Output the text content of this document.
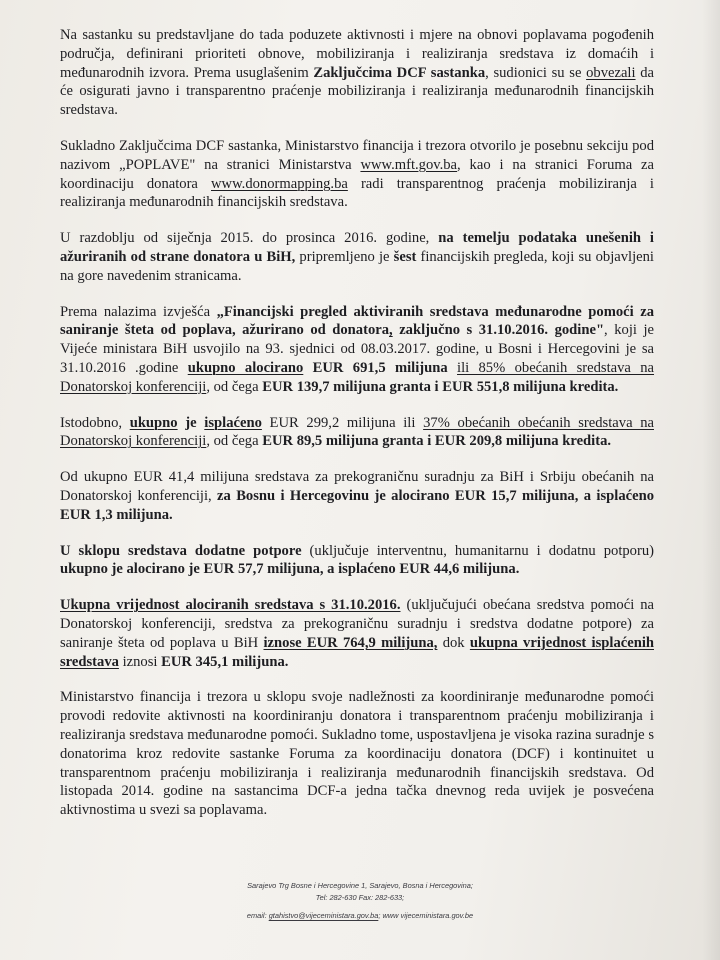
Na sastanku su predstavljane do tada poduzete aktivnosti i mjere na obnovi poplavama pogođenih područja, definirani prioriteti obnove, mobiliziranja i realiziranja sredstava iz domaćih i međunarodnih izvora. Prema usuglašenim Zaključcima DCF sastanka, sudionici su se obvezali da će osigurati javno i transparentno praćenje mobiliziranja i realiziranja međunarodnih financijskih sredstava.

Sukladno Zaključcima DCF sastanka, Ministarstvo financija i trezora otvorilo je posebnu sekciju pod nazivom „POPLAVE" na stranici Ministarstva www.mft.gov.ba, kao i na stranici Foruma za koordinaciju donatora www.donormapping.ba radi transparentnog praćenja mobiliziranja i realiziranja međunarodnih financijskih sredstava.

U razdoblju od siječnja 2015. do prosinca 2016. godine, na temelju podataka unešenih i ažuriranih od strane donatora u BiH, pripremljeno je šest financijskih pregleda, koji su objavljeni na gore navedenim stranicama.

Prema nalazima izvješća „Financijski pregled aktiviranih sredstava međunarodne pomoći za saniranje šteta od poplava, ažurirano od donatora, zaključno s 31.10.2016. godine", koji je Vijeće ministara BiH usvojilo na 93. sjednici od 08.03.2017. godine, u Bosni i Hercegovini je sa 31.10.2016 .godine ukupno alocirano EUR 691,5 milijuna ili 85% obećanih sredstava na Donatorskoj konferenciji, od čega EUR 139,7 milijuna granta i EUR 551,8 milijuna kredita.

Istodobno, ukupno je isplaćeno EUR 299,2 milijuna ili 37% obećanih obećanih sredstava na Donatorskoj konferenciji, od čega EUR 89,5 milijuna granta i EUR 209,8 milijuna kredita.

Od ukupno EUR 41,4 milijuna sredstava za prekograničnu suradnju za BiH i Srbiju obećanih na Donatorskoj konferenciji, za Bosnu i Hercegovinu je alocirano EUR 15,7 milijuna, a isplaćeno EUR 1,3 milijuna.

U sklopu sredstava dodatne potpore (uključuje interventnu, humanitarnu i dodatnu potporu) ukupno je alocirano je EUR 57,7 milijuna, a isplaćeno EUR 44,6 milijuna.

Ukupna vrijednost alociranih sredstava s 31.10.2016. (uključujući obećana sredstva pomoći na Donatorskoj konferenciji, sredstva za prekograničnu suradnju i sredstva dodatne potpore) za saniranje šteta od poplava u BiH iznose EUR 764,9 milijuna, dok ukupna vrijednost isplaćenih sredstava iznosi EUR 345,1 milijuna.

Ministarstvo financija i trezora u sklopu svoje nadležnosti za koordiniranje međunarodne pomoći provodi redovite aktivnosti na koordiniranju donatora i transparentnom praćenju mobiliziranja i realiziranja sredstava međunarodne pomoći. Sukladno tome, uspostavljena je visoka razina suradnje s donatorima kroz redovite sastanke Foruma za koordinaciju donatora (DCF) i kontinuitet u transparentnom praćenju mobiliziranja i realiziranja međunarodnih financijskih sredstava. Od listopada 2014. godine na sastancima DCF-a jedna tačka dnevnog reda uvijek je posvećena aktivnostima u svezi sa poplavama.

Sarajevo Trg Bosne i Hercegovine 1, Sarajevo, Bosna i Hercegovina;
Tel: 282-630 Fax: 282-633;
email: gtahistvo@vijeceministara.gov.ba; www vijeceministara.gov.be
